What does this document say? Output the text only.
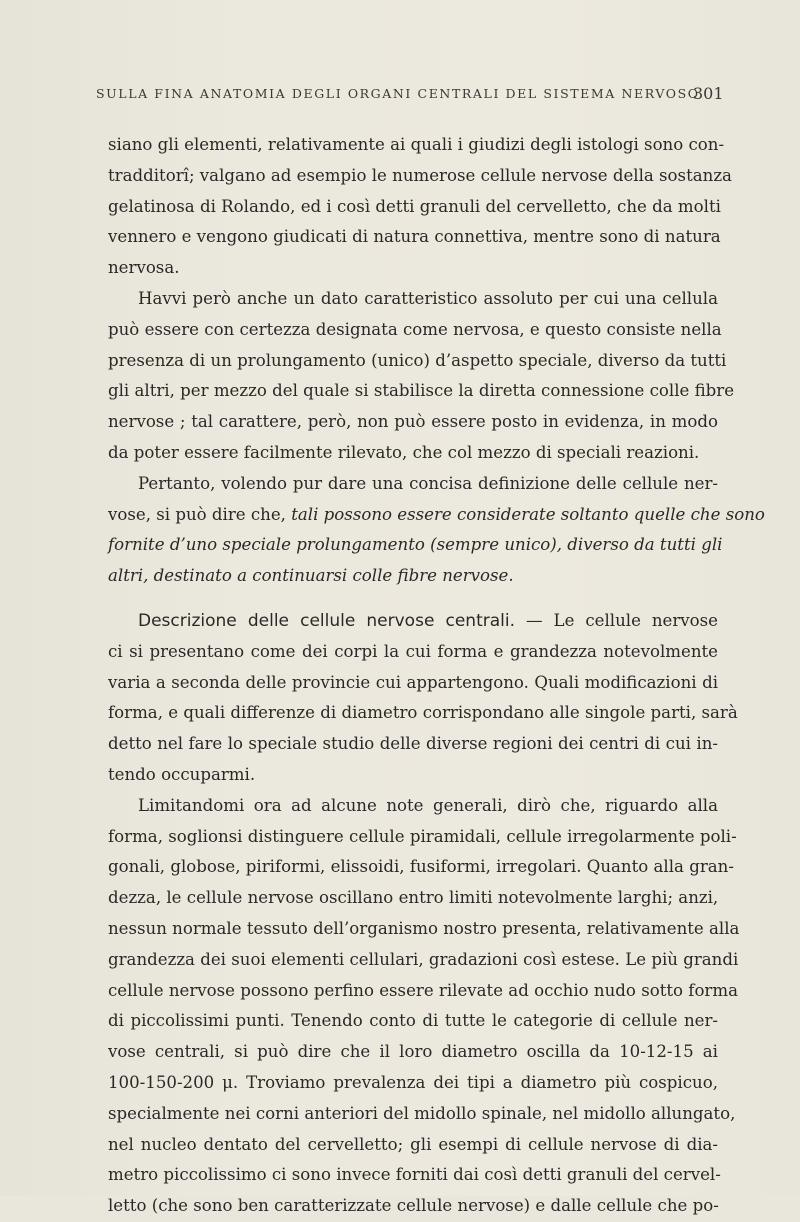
SULLA FINA ANATOMIA DEGLI ORGANI CENTRALI DEL SISTEMA NERVOSO
301
siano gli elementi, relativamente ai quali i giudizi degli istologi sono con-
tradditorî; valgano ad esempio le numerose cellule nervose della sostanza
gelatinosa di Rolando, ed i così detti granuli del cervelletto, che da molti
vennero e vengono giudicati di natura connettiva, mentre sono di natura
nervosa.
Havvi però anche un dato caratteristico assoluto per cui una cellula
può essere con certezza designata come nervosa, e questo consiste nella
presenza di un prolungamento (unico) d’aspetto speciale, diverso da tutti
gli altri, per mezzo del quale si stabilisce la diretta connessione colle fibre
nervose ; tal carattere, però, non può essere posto in evidenza, in modo
da poter essere facilmente rilevato, che col mezzo di speciali reazioni.
Pertanto, volendo pur dare una concisa definizione delle cellule ner-
vose, si può dire che, tali possono essere considerate soltanto quelle che sono
fornite d’uno speciale prolungamento (sempre unico), diverso da tutti gli
altri, destinato a continuarsi colle fibre nervose.
Descrizione delle cellule nervose centrali. — Le cellule nervose
ci si presentano come dei corpi la cui forma e grandezza notevolmente
varia a seconda delle provincie cui appartengono. Quali modificazioni di
forma, e quali differenze di diametro corrispondano alle singole parti, sarà
detto nel fare lo speciale studio delle diverse regioni dei centri di cui in-
tendo occuparmi.
Limitandomi ora ad alcune note generali, dirò che, riguardo alla
forma, soglionsi distinguere cellule piramidali, cellule irregolarmente poli-
gonali, globose, piriformi, elissoidi, fusiformi, irregolari. Quanto alla gran-
dezza, le cellule nervose oscillano entro limiti notevolmente larghi; anzi,
nessun normale tessuto dell’organismo nostro presenta, relativamente alla
grandezza dei suoi elementi cellulari, gradazioni così estese. Le più grandi
cellule nervose possono perfino essere rilevate ad occhio nudo sotto forma
di piccolissimi punti. Tenendo conto di tutte le categorie di cellule ner-
vose centrali, si può dire che il loro diametro oscilla da 10-12-15 ai
100-150-200 μ. Troviamo prevalenza dei tipi a diametro più cospicuo,
specialmente nei corni anteriori del midollo spinale, nel midollo allungato,
nel nucleo dentato del cervelletto; gli esempi di cellule nervose di dia-
metro piccolissimo ci sono invece forniti dai così detti granuli del cervel-
letto (che sono ben caratterizzate cellule nervose) e dalle cellule che po-
